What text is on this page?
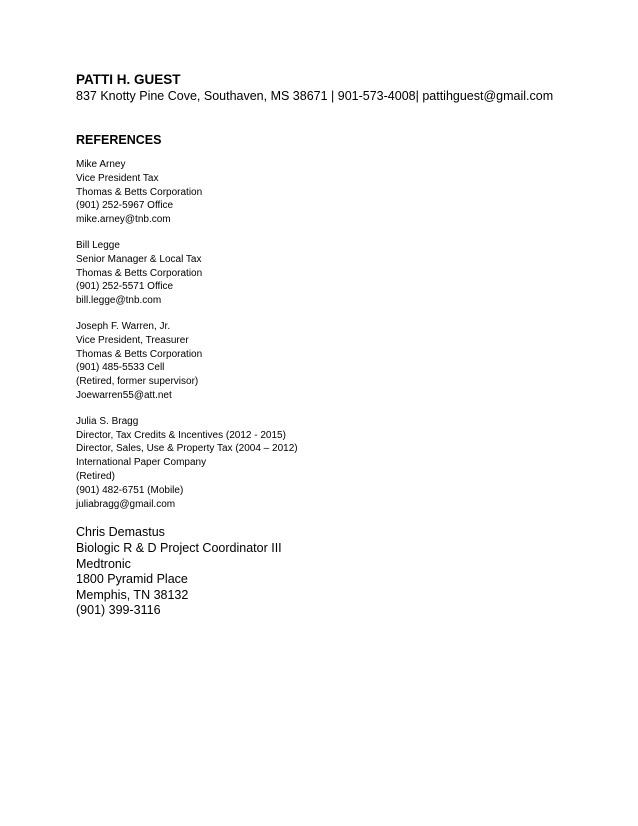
PATTI H. GUEST

837 Knotty Pine Cove, Southaven, MS 38671 | 901-573-4008| pattihguest@gmail.com

REFERENCES

Mike Arney
Vice President Tax
Thomas & Betts Corporation
(901) 252-5967 Office
mike.arney@tnb.com
Bill Legge
Senior Manager & Local Tax
Thomas & Betts Corporation
(901) 252-5571 Office
bill.legge@tnb.com
Joseph F. Warren, Jr.
Vice President, Treasurer
Thomas & Betts Corporation
(901) 485-5533 Cell
(Retired, former supervisor)
Joewarren55@att.net
Julia S. Bragg
Director, Tax Credits & Incentives (2012 - 2015)
Director, Sales, Use & Property Tax (2004 – 2012)
International Paper Company
(Retired)
(901) 482-6751 (Mobile)
juliabragg@gmail.com
Chris Demastus
Biologic R & D Project Coordinator III
Medtronic
1800 Pyramid Place
Memphis, TN 38132
(901) 399-3116
